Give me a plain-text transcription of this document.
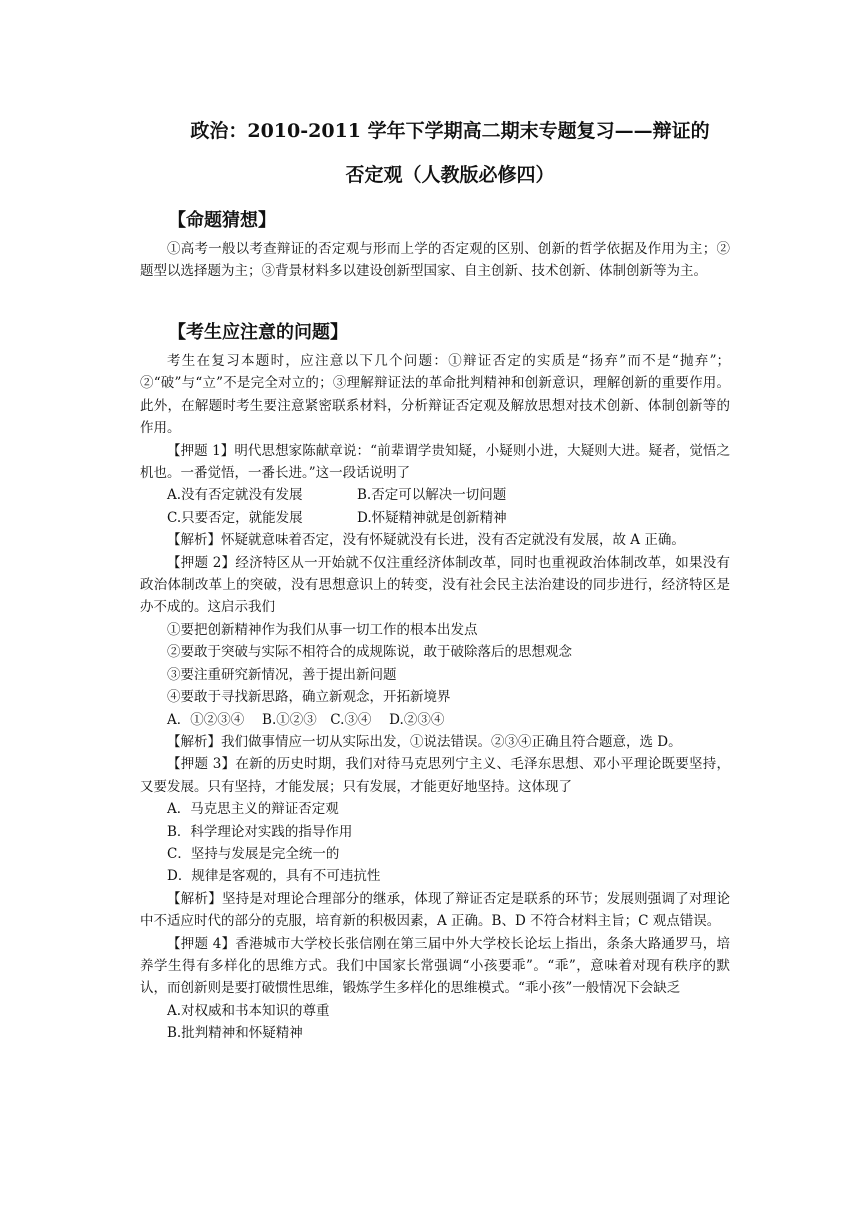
政治：2010-2011 学年下学期高二期末专题复习——辩证的
否定观（人教版必修四）
【命题猜想】

①高考一般以考查辩证的否定观与形而上学的否定观的区别、创新的哲学依据及作用为主；②题型以选择题为主；③背景材料多以建设创新型国家、自主创新、技术创新、体制创新等为主。

【考生应注意的问题】

考生在复习本题时，应注意以下几个问题：①辩证否定的实质是“扬弃”而不是“抛弃”；②“破”与“立”不是完全对立的；③理解辩证法的革命批判精神和创新意识，理解创新的重要作用。此外，在解题时考生要注意紧密联系材料，分析辩证否定观及解放思想对技术创新、体制创新等的作用。

【押题 1】明代思想家陈献章说：“前辈谓学贵知疑，小疑则小进，大疑则大进。疑者，觉悟之机也。一番觉悟，一番长进。”这一段话说明了

A.没有否定就没有发展	B.否定可以解决一切问题

C.只要否定，就能发展	D.怀疑精神就是创新精神

【解析】怀疑就意味着否定，没有怀疑就没有长进，没有否定就没有发展，故 A 正确。

【押题 2】经济特区从一开始就不仅注重经济体制改革，同时也重视政治体制改革，如果没有政治体制改革上的突破，没有思想意识上的转变，没有社会民主法治建设的同步进行，经济特区是办不成的。这启示我们

①要把创新精神作为我们从事一切工作的根本出发点

②要敢于突破与实际不相符合的成规陈说，敢于破除落后的思想观念

③要注重研究新情况，善于提出新问题

④要敢于寻找新思路，确立新观念，开拓新境界

A．①②③④　 B.①②③　C.③④　 D.②③④

【解析】我们做事情应一切从实际出发，①说法错误。②③④正确且符合题意，选 D。

【押题 3】在新的历史时期，我们对待马克思列宁主义、毛泽东思想、邓小平理论既要坚持，又要发展。只有坚持，才能发展；只有发展，才能更好地坚持。这体现了

A．马克思主义的辩证否定观

B．科学理论对实践的指导作用

C．坚持与发展是完全统一的

D．规律是客观的，具有不可违抗性

【解析】坚持是对理论合理部分的继承，体现了辩证否定是联系的环节；发展则强调了对理论中不适应时代的部分的克服，培育新的积极因素，A 正确。B、D 不符合材料主旨；C 观点错误。

【押题 4】香港城市大学校长张信刚在第三届中外大学校长论坛上指出，条条大路通罗马，培养学生得有多样化的思维方式。我们中国家长常强调“小孩要乖”。“乖”，意味着对现有秩序的默认，而创新则是要打破惯性思维，锻炼学生多样化的思维模式。“乖小孩”一般情况下会缺乏

A.对权威和书本知识的尊重

B.批判精神和怀疑精神
